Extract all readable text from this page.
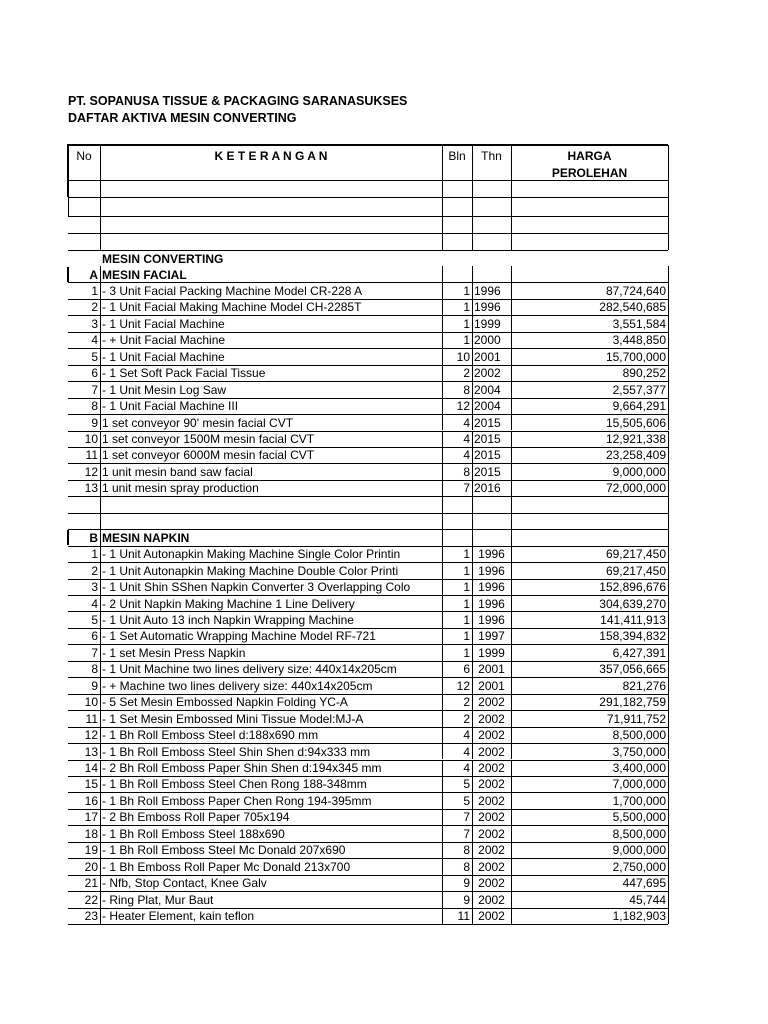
PT. SOPANUSA TISSUE & PACKAGING SARANASUKSES
DAFTAR AKTIVA MESIN CONVERTING
No	K E T E R A N G A N	Bln	Thn	HARGA
PEROLEHAN
MESIN CONVERTING
A MESIN FACIAL
1 - 3 Unit Facial Packing Machine Model CR-228 A	1 1996	87,724,640
2 - 1 Unit Facial Making Machine Model CH-2285T	1 1996	282,540,685
3 - 1 Unit Facial Machine	1 1999	3,551,584
4 - + Unit Facial Machine	1 2000	3,448,850
5 - 1 Unit Facial Machine	10 2001	15,700,000
6 - 1 Set Soft Pack Facial Tissue	2 2002	890,252
7 - 1 Unit Mesin Log Saw	8 2004	2,557,377
8 - 1 Unit Facial Machine III	12 2004	9,664,291
9 1 set conveyor 90' mesin facial CVT	4 2015	15,505,606
10 1 set conveyor 1500M mesin facial CVT	4 2015	12,921,338
11 1 set conveyor 6000M mesin facial CVT	4 2015	23,258,409
12 1 unit mesin band saw facial	8 2015	9,000,000
13 1 unit mesin spray production	7 2016	72,000,000
B MESIN NAPKIN
1 - 1 Unit Autonapkin Making Machine Single Color Printin	1 1996	69,217,450
2 - 1 Unit Autonapkin Making Machine Double Color Printi	1 1996	69,217,450
3 - 1 Unit Shin SShen Napkin Converter 3 Overlapping Colo	1 1996	152,896,676
4 - 2 Unit Napkin Making Machine 1 Line Delivery	1 1996	304,639,270
5 - 1 Unit Auto 13 inch Napkin Wrapping Machine	1 1996	141,411,913
6 - 1 Set Automatic Wrapping Machine Model RF-721	1 1997	158,394,832
7 - 1 set Mesin Press Napkin	1 1999	6,427,391
8 - 1 Unit Machine two lines delivery size: 440x14x205cm	6 2001	357,056,665
9 - + Machine two lines delivery size: 440x14x205cm	12 2001	821,276
10 - 5 Set Mesin Embossed Napkin Folding YC-A	2 2002	291,182,759
11 - 1 Set Mesin Embossed Mini Tissue Model:MJ-A	2 2002	71,911,752
12 - 1 Bh Roll Emboss Steel d:188x690 mm	4 2002	8,500,000
13 - 1 Bh Roll Emboss Steel Shin Shen d:94x333 mm	4 2002	3,750,000
14 - 2 Bh Roll Emboss Paper Shin Shen d:194x345 mm	4 2002	3,400,000
15 - 1 Bh Roll Emboss Steel Chen Rong 188-348mm	5 2002	7,000,000
16 - 1 Bh Roll Emboss Paper Chen Rong 194-395mm	5 2002	1,700,000
17 - 2 Bh Emboss Roll Paper 705x194	7 2002	5,500,000
18 - 1 Bh Roll Emboss Steel 188x690	7 2002	8,500,000
19 - 1 Bh Roll Emboss Steel Mc Donald 207x690	8 2002	9,000,000
20 - 1 Bh Emboss Roll Paper Mc Donald 213x700	8 2002	2,750,000
21 - Nfb, Stop Contact, Knee Galv	9 2002	447,695
22 - Ring Plat, Mur Baut	9 2002	45,744
23 - Heater Element, kain teflon	11 2002	1,182,903
